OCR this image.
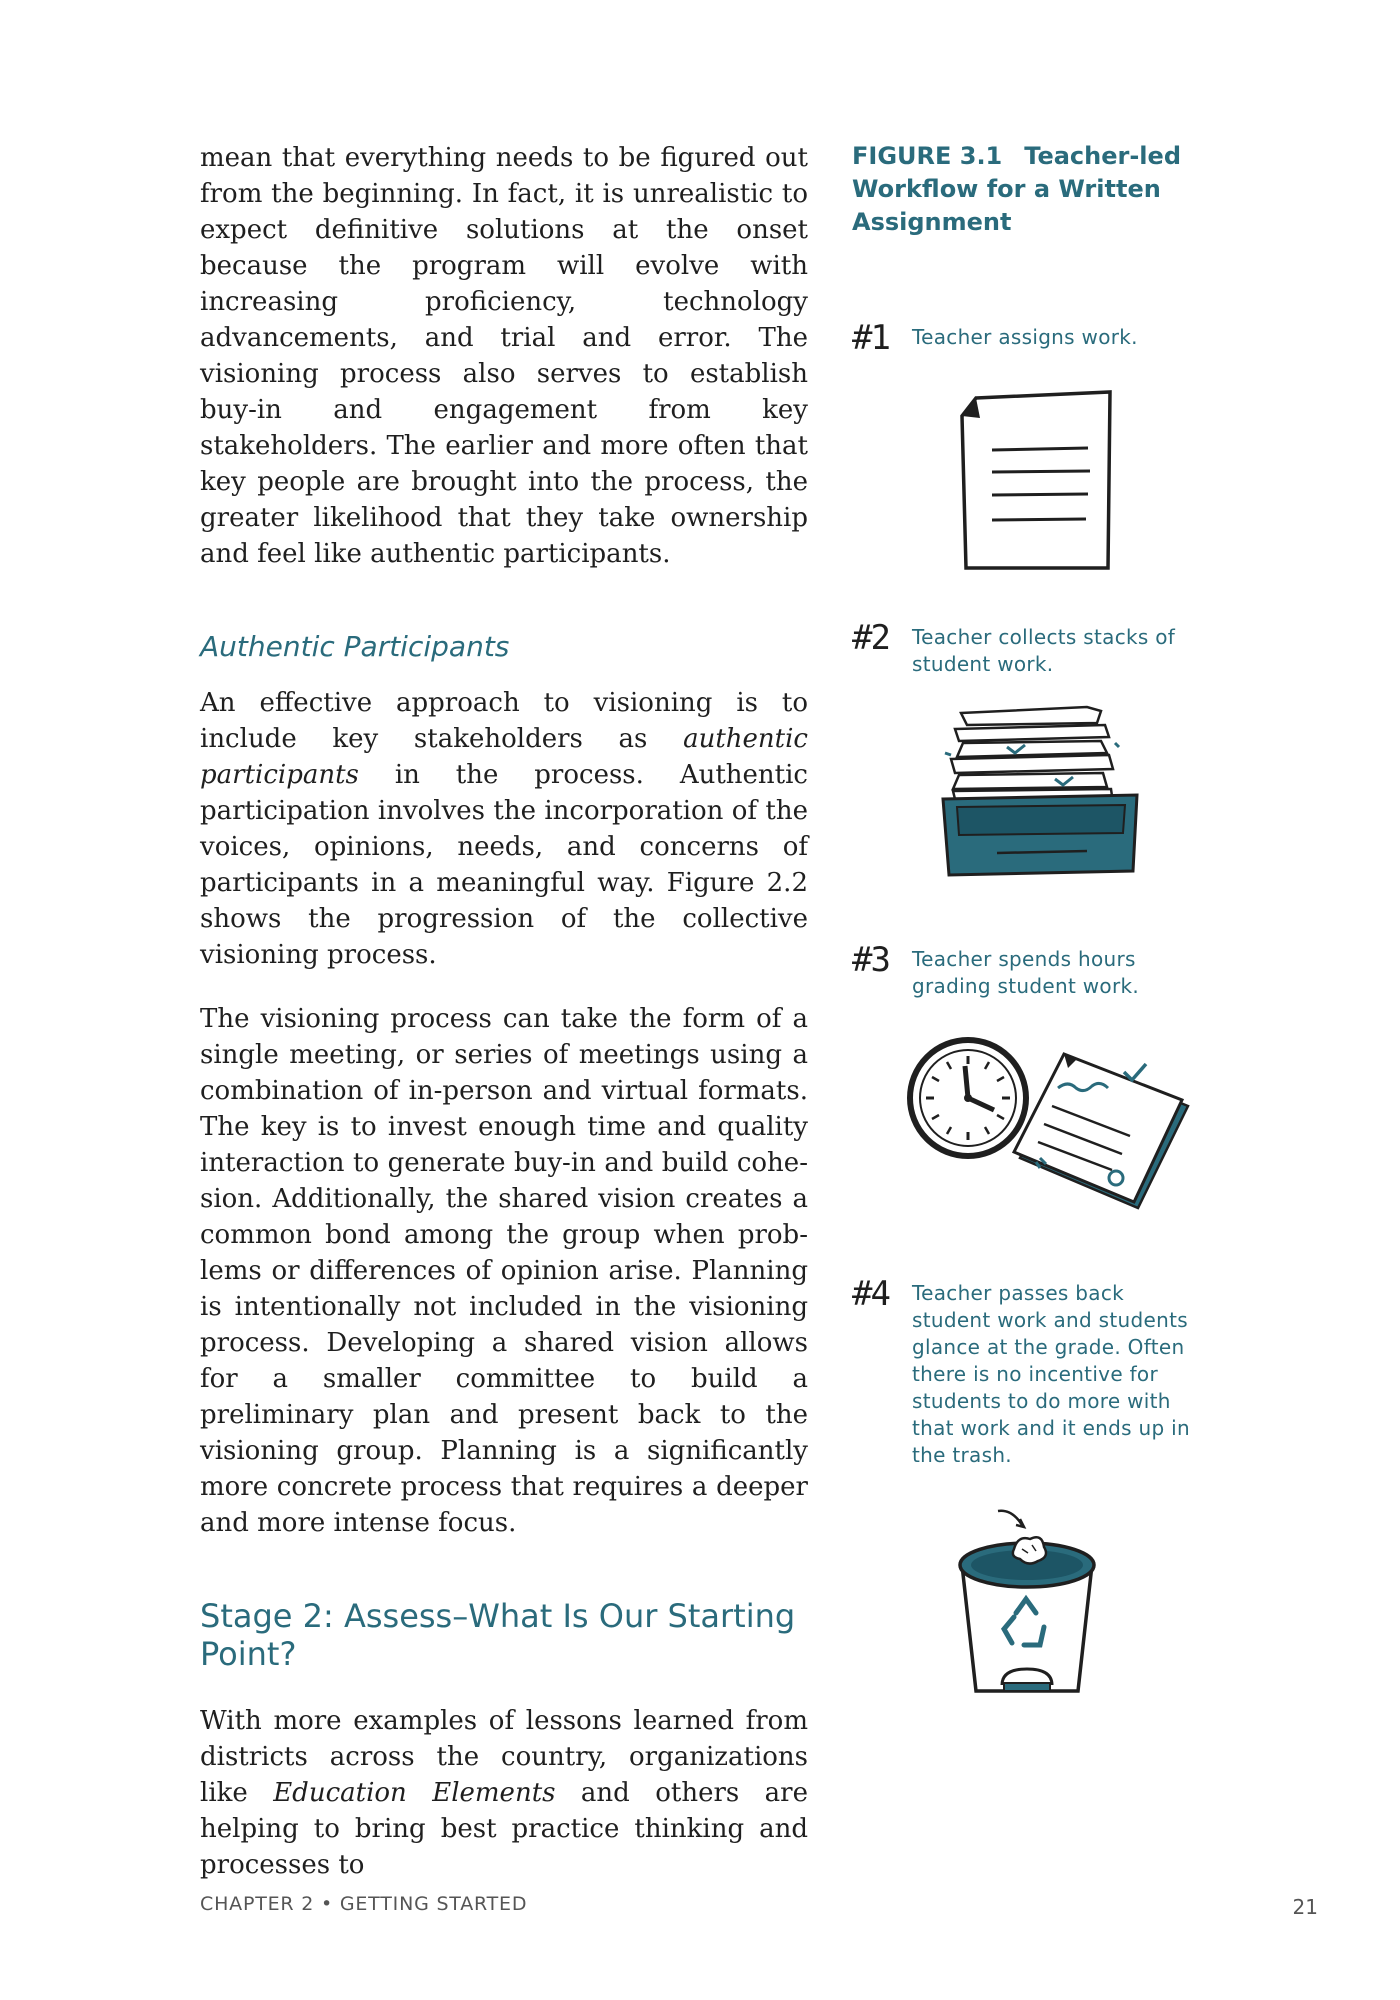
mean that everything needs to be figured out from the beginning. In fact, it is unrealistic to expect definitive solutions at the onset because the program will evolve with increasing proficiency, technology advancements, and trial and error. The visioning process also serves to establish buy-in and engagement from key stakeholders. The earlier and more often that key people are brought into the process, the greater likelihood that they take ownership and feel like authentic participants.

Authentic Participants

An effective approach to visioning is to include key stakeholders as authentic participants in the process. Authentic participation involves the incorporation of the voices, opinions, needs, and concerns of participants in a meaningful way. Figure 2.2 shows the progression of the collective visioning process.

The visioning process can take the form of a single meeting, or series of meetings using a combination of in-person and virtual formats. The key is to invest enough time and quality interaction to generate buy-in and build cohesion. Additionally, the shared vision creates a common bond among the group when problems or differences of opinion arise. Planning is intentionally not included in the visioning process. Developing a shared vision allows for a smaller committee to build a preliminary plan and present back to the visioning group. Planning is a significantly more concrete process that requires a deeper and more intense focus.

Stage 2: Assess–What Is Our Starting Point?

With more examples of lessons learned from districts across the country, organizations like Education Elements and others are helping to bring best practice thinking and processes to

FIGURE 3.1 Teacher-led Workflow for a Written Assignment

#1 Teacher assigns work.
#2 Teacher collects stacks of student work.
#3 Teacher spends hours grading student work.
#4 Teacher passes back student work and students glance at the grade. Often there is no incentive for students to do more with that work and it ends up in the trash.
CHAPTER 2 • GETTING STARTED	21
